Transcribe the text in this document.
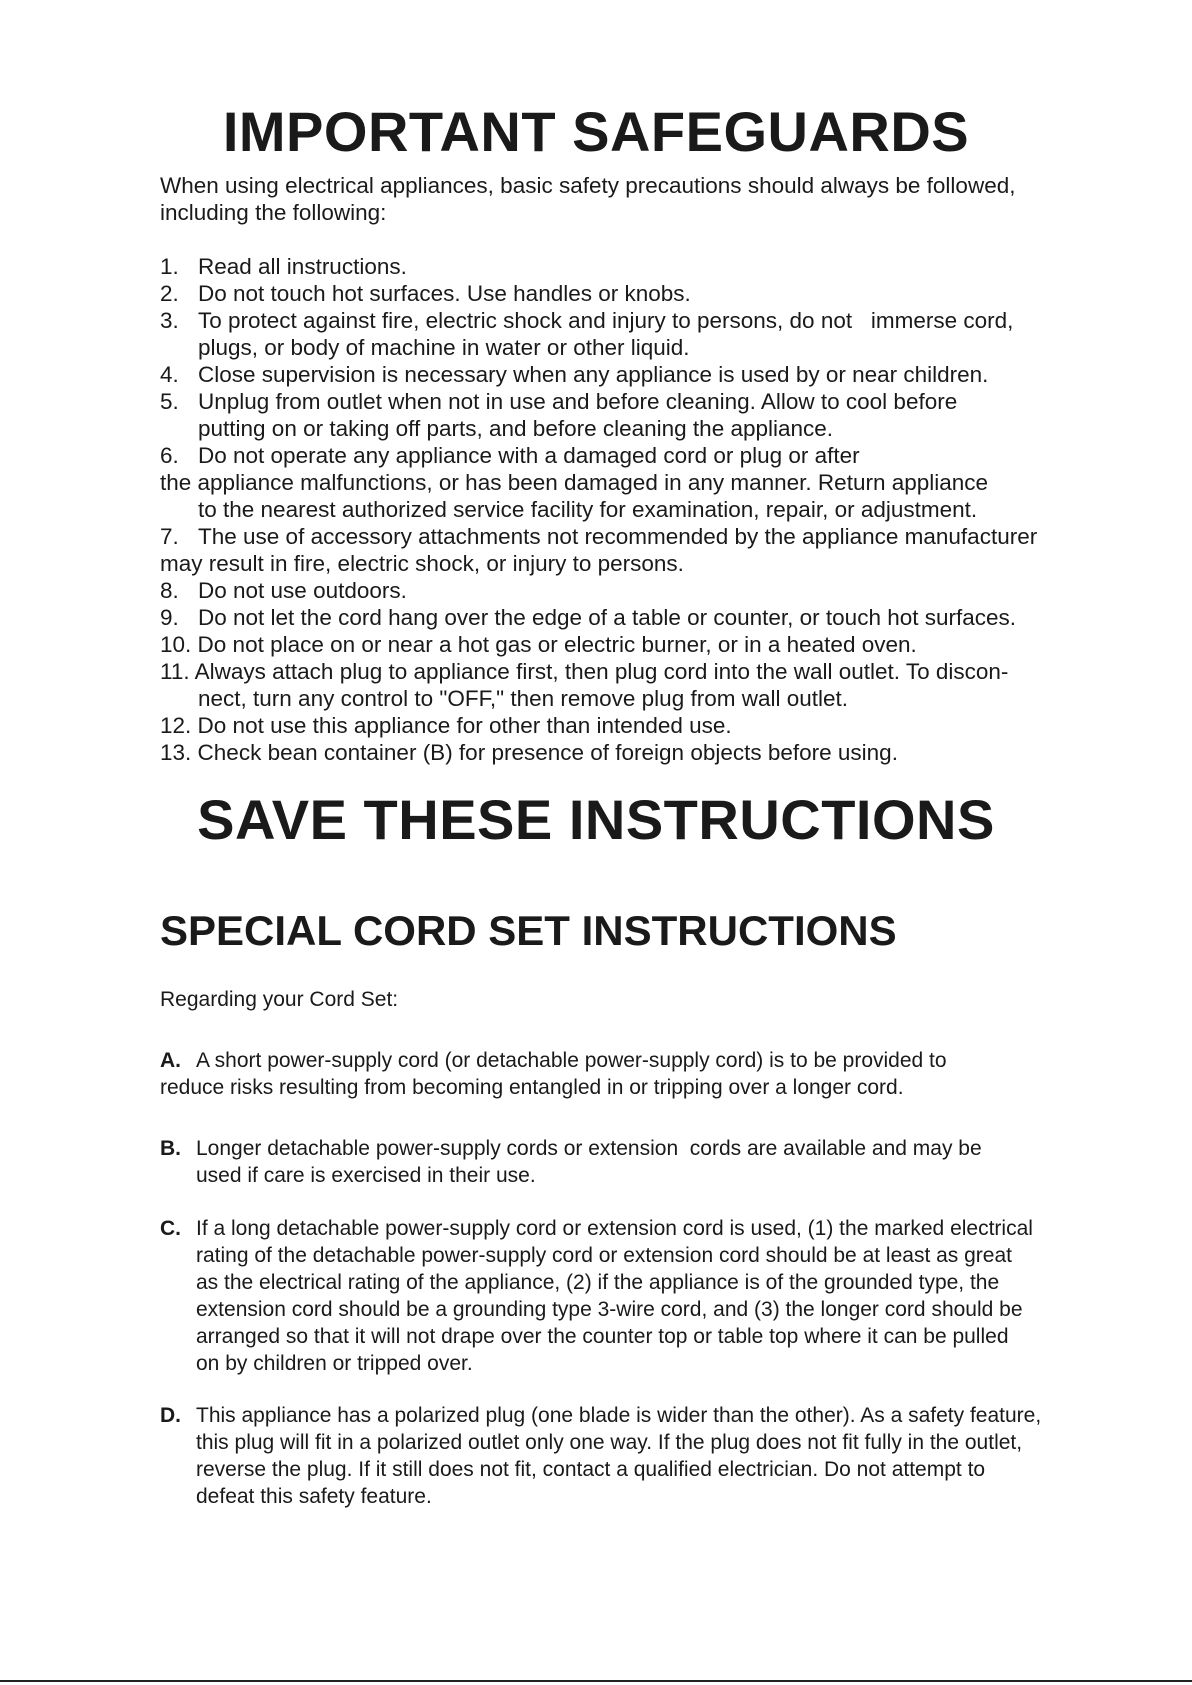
IMPORTANT SAFEGUARDS

When using electrical appliances, basic safety precautions should always be followed, including the following:

1. Read all instructions.
2. Do not touch hot surfaces. Use handles or knobs.
3. To protect against fire, electric shock and injury to persons, do not   immerse cord,
plugs, or body of machine in water or other liquid.
4. Close supervision is necessary when any appliance is used by or near children.
5. Unplug from outlet when not in use and before cleaning. Allow to cool before
putting on or taking off parts, and before cleaning the appliance.
6. Do not operate any appliance with a damaged cord or plug or after
the appliance malfunctions, or has been damaged in any manner. Return appliance
to the nearest authorized service facility for examination, repair, or adjustment.
7. The use of accessory attachments not recommended by the appliance manufacturer
may result in fire, electric shock, or injury to persons.
8. Do not use outdoors.
9. Do not let the cord hang over the edge of a table or counter, or touch hot surfaces.
10. Do not place on or near a hot gas or electric burner, or in a heated oven.
11. Always attach plug to appliance first, then plug cord into the wall outlet. To discon-
nect, turn any control to "OFF," then remove plug from wall outlet.
12. Do not use this appliance for other than intended use.
13. Check bean container (B) for presence of foreign objects before using.
SAVE THESE INSTRUCTIONS
SPECIAL CORD SET INSTRUCTIONS

Regarding your Cord Set:

A. A short power-supply cord (or detachable power-supply cord) is to be provided to
reduce risks resulting from becoming entangled in or tripping over a longer cord.
B. Longer detachable power-supply cords or extension  cords are available and may be
used if care is exercised in their use.
C. If a long detachable power-supply cord or extension cord is used, (1) the marked electrical
rating of the detachable power-supply cord or extension cord should be at least as great
as the electrical rating of the appliance, (2) if the appliance is of the grounded type, the
extension cord should be a grounding type 3-wire cord, and (3) the longer cord should be
arranged so that it will not drape over the counter top or table top where it can be pulled
on by children or tripped over.
D. This appliance has a polarized plug (one blade is wider than the other). As a safety feature,
this plug will fit in a polarized outlet only one way. If the plug does not fit fully in the outlet,
reverse the plug. If it still does not fit, contact a qualified electrician. Do not attempt to
defeat this safety feature.
